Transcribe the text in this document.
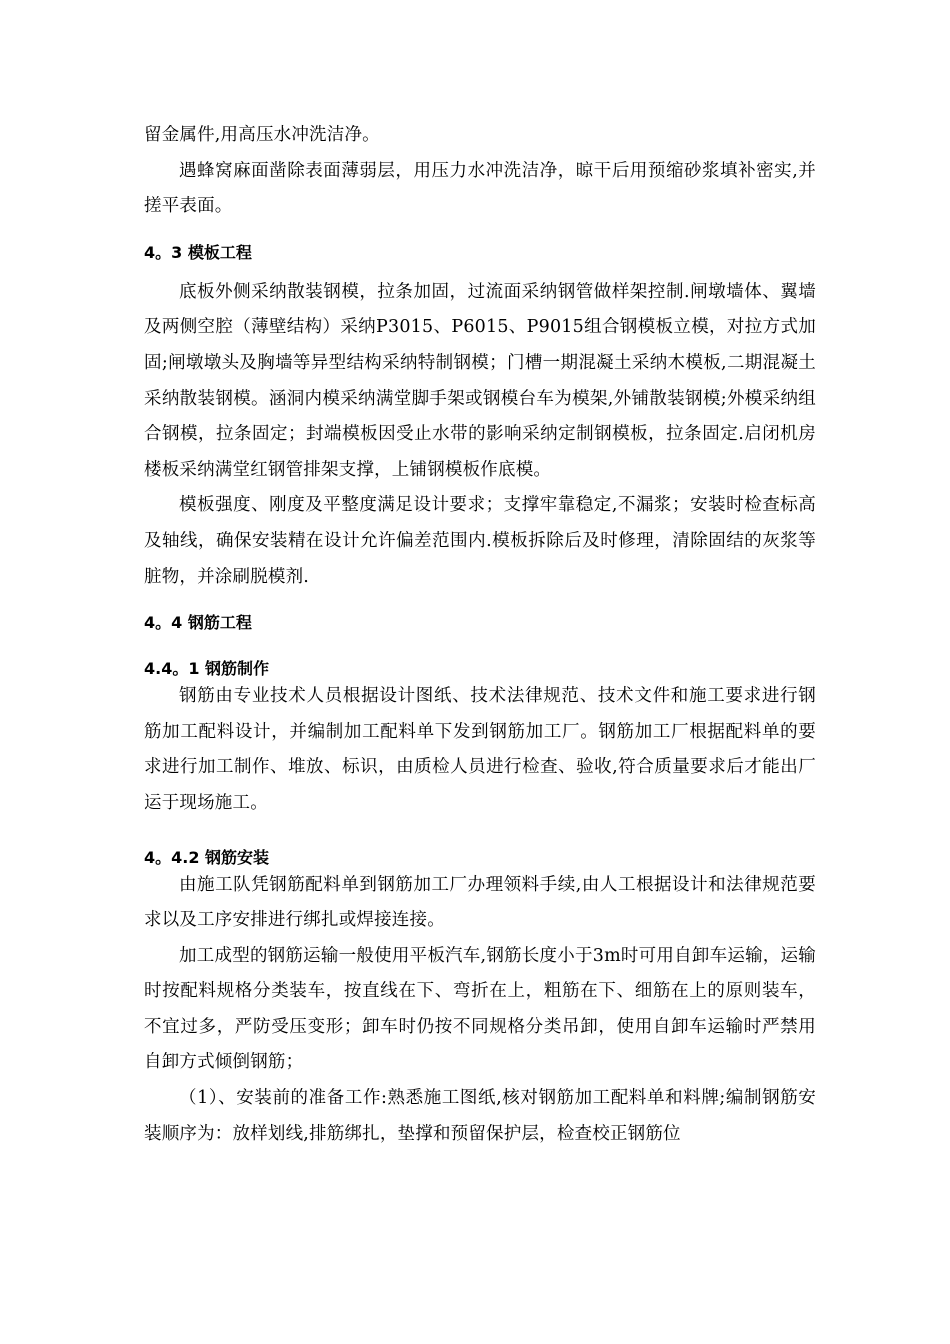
留金属件,用高压水冲洗洁净。

遇蜂窝麻面凿除表面薄弱层，用压力水冲洗洁净，晾干后用预缩砂浆填补密实,并搓平表面。

4。3 模板工程

底板外侧采纳散装钢模，拉条加固，过流面采纳钢管做样架控制.闸墩墙体、翼墙及两侧空腔（薄壁结构）采纳P3015、P6015、P9015组合钢模板立模，对拉方式加固;闸墩墩头及胸墙等异型结构采纳特制钢模；门槽一期混凝土采纳木模板,二期混凝土采纳散装钢模。涵洞内模采纳满堂脚手架或钢模台车为模架,外铺散装钢模;外模采纳组合钢模，拉条固定；封端模板因受止水带的影响采纳定制钢模板，拉条固定.启闭机房楼板采纳满堂红钢管排架支撑，上铺钢模板作底模。

模板强度、刚度及平整度满足设计要求；支撑牢靠稳定,不漏浆；安装时检查标高及轴线，确保安装精在设计允许偏差范围内.模板拆除后及时修理，清除固结的灰浆等脏物，并涂刷脱模剂.

4。4 钢筋工程
4.4。1 钢筋制作

钢筋由专业技术人员根据设计图纸、技术法律规范、技术文件和施工要求进行钢筋加工配料设计，并编制加工配料单下发到钢筋加工厂。钢筋加工厂根据配料单的要求进行加工制作、堆放、标识，由质检人员进行检查、验收,符合质量要求后才能出厂运于现场施工。

4。4.2 钢筋安装

由施工队凭钢筋配料单到钢筋加工厂办理领料手续,由人工根据设计和法律规范要求以及工序安排进行绑扎或焊接连接。

加工成型的钢筋运输一般使用平板汽车,钢筋长度小于3m时可用自卸车运输，运输时按配料规格分类装车，按直线在下、弯折在上，粗筋在下、细筋在上的原则装车，不宜过多，严防受压变形；卸车时仍按不同规格分类吊卸，使用自卸车运输时严禁用自卸方式倾倒钢筋；

（1）、安装前的准备工作:熟悉施工图纸,核对钢筋加工配料单和料牌;编制钢筋安装顺序为：放样划线,排筋绑扎，垫撑和预留保护层，检查校正钢筋位
